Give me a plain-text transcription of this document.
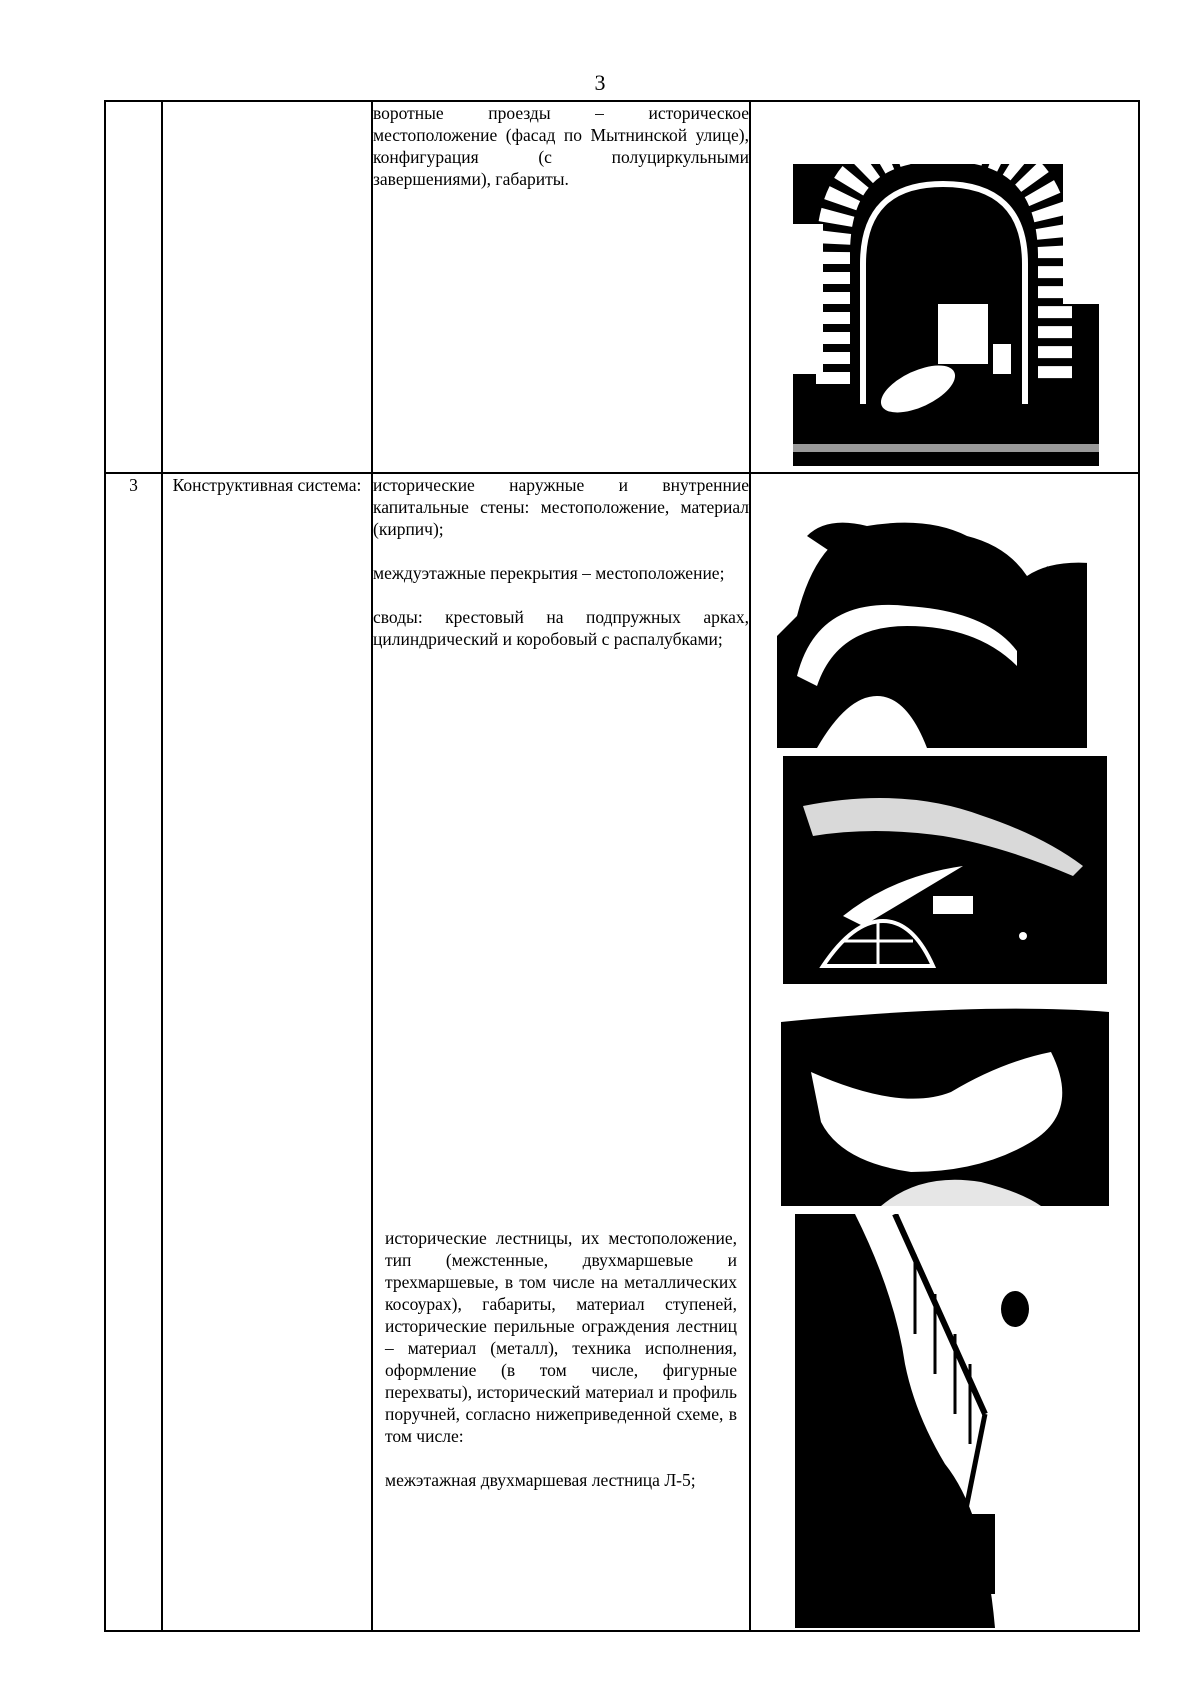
3

		воротные проезды – историческое местоположение (фасад по Мытнинской улице), конфигурация (с полуциркульными завершениями), габариты.

3	Конструктивная система:	исторические наружные и внутренние капитальные стены: местоположение, материал (кирпич);

междуэтажные перекрытия – местоположение;

своды: крестовый на подпружных арках, цилиндрический и коробовый с распалубками;

исторические лестницы, их местоположение, тип (межстенные, двухмаршевые и трехмаршевые, в том числе на металлических косоурах), габариты, материал ступеней, исторические перильные ограждения лестниц – материал (металл), техника исполнения, оформление (в том числе, фигурные перехваты), исторический материал и профиль поручней, согласно нижеприведенной схеме, в том числе:

межэтажная двухмаршевая лестница Л-5;
